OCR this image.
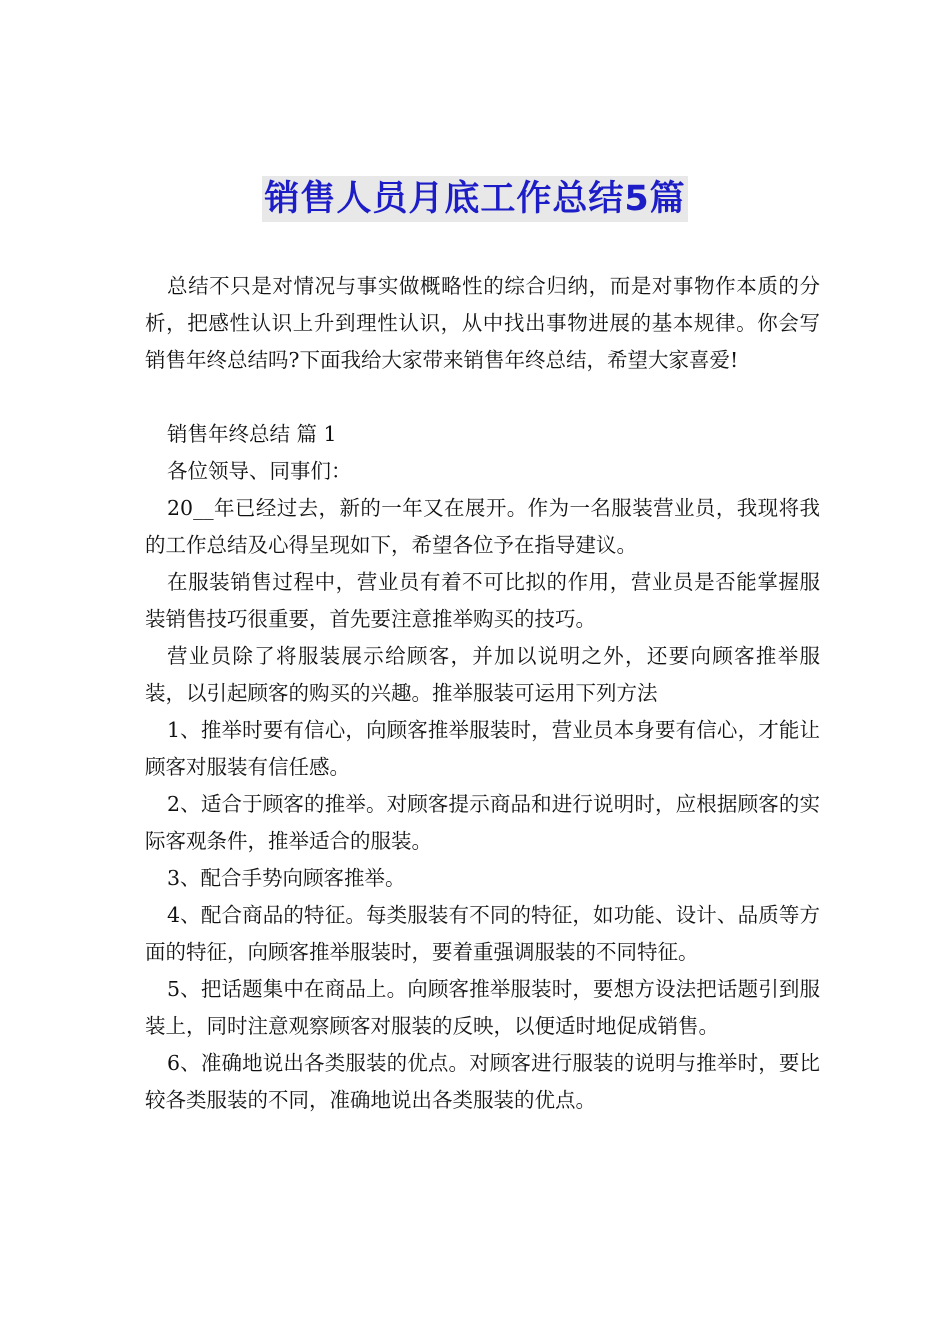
销售人员月底工作总结5篇

总结不只是对情况与事实做概略性的综合归纳，而是对事物作本质的分析，把感性认识上升到理性认识，从中找出事物进展的基本规律。你会写销售年终总结吗?下面我给大家带来销售年终总结，希望大家喜爱!

销售年终总结 篇 1

各位领导、同事们：

20__年已经过去，新的一年又在展开。作为一名服装营业员，我现将我的工作总结及心得呈现如下，希望各位予在指导建议。

在服装销售过程中，营业员有着不可比拟的作用，营业员是否能掌握服装销售技巧很重要，首先要注意推举购买的技巧。

营业员除了将服装展示给顾客，并加以说明之外，还要向顾客推举服装，以引起顾客的购买的兴趣。推举服装可运用下列方法

1、推举时要有信心，向顾客推举服装时，营业员本身要有信心，才能让顾客对服装有信任感。

2、适合于顾客的推举。对顾客提示商品和进行说明时，应根据顾客的实际客观条件，推举适合的服装。

3、配合手势向顾客推举。

4、配合商品的特征。每类服装有不同的特征，如功能、设计、品质等方面的特征，向顾客推举服装时，要着重强调服装的不同特征。

5、把话题集中在商品上。向顾客推举服装时，要想方设法把话题引到服装上，同时注意观察顾客对服装的反映，以便适时地促成销售。

6、准确地说出各类服装的优点。对顾客进行服装的说明与推举时，要比较各类服装的不同，准确地说出各类服装的优点。
